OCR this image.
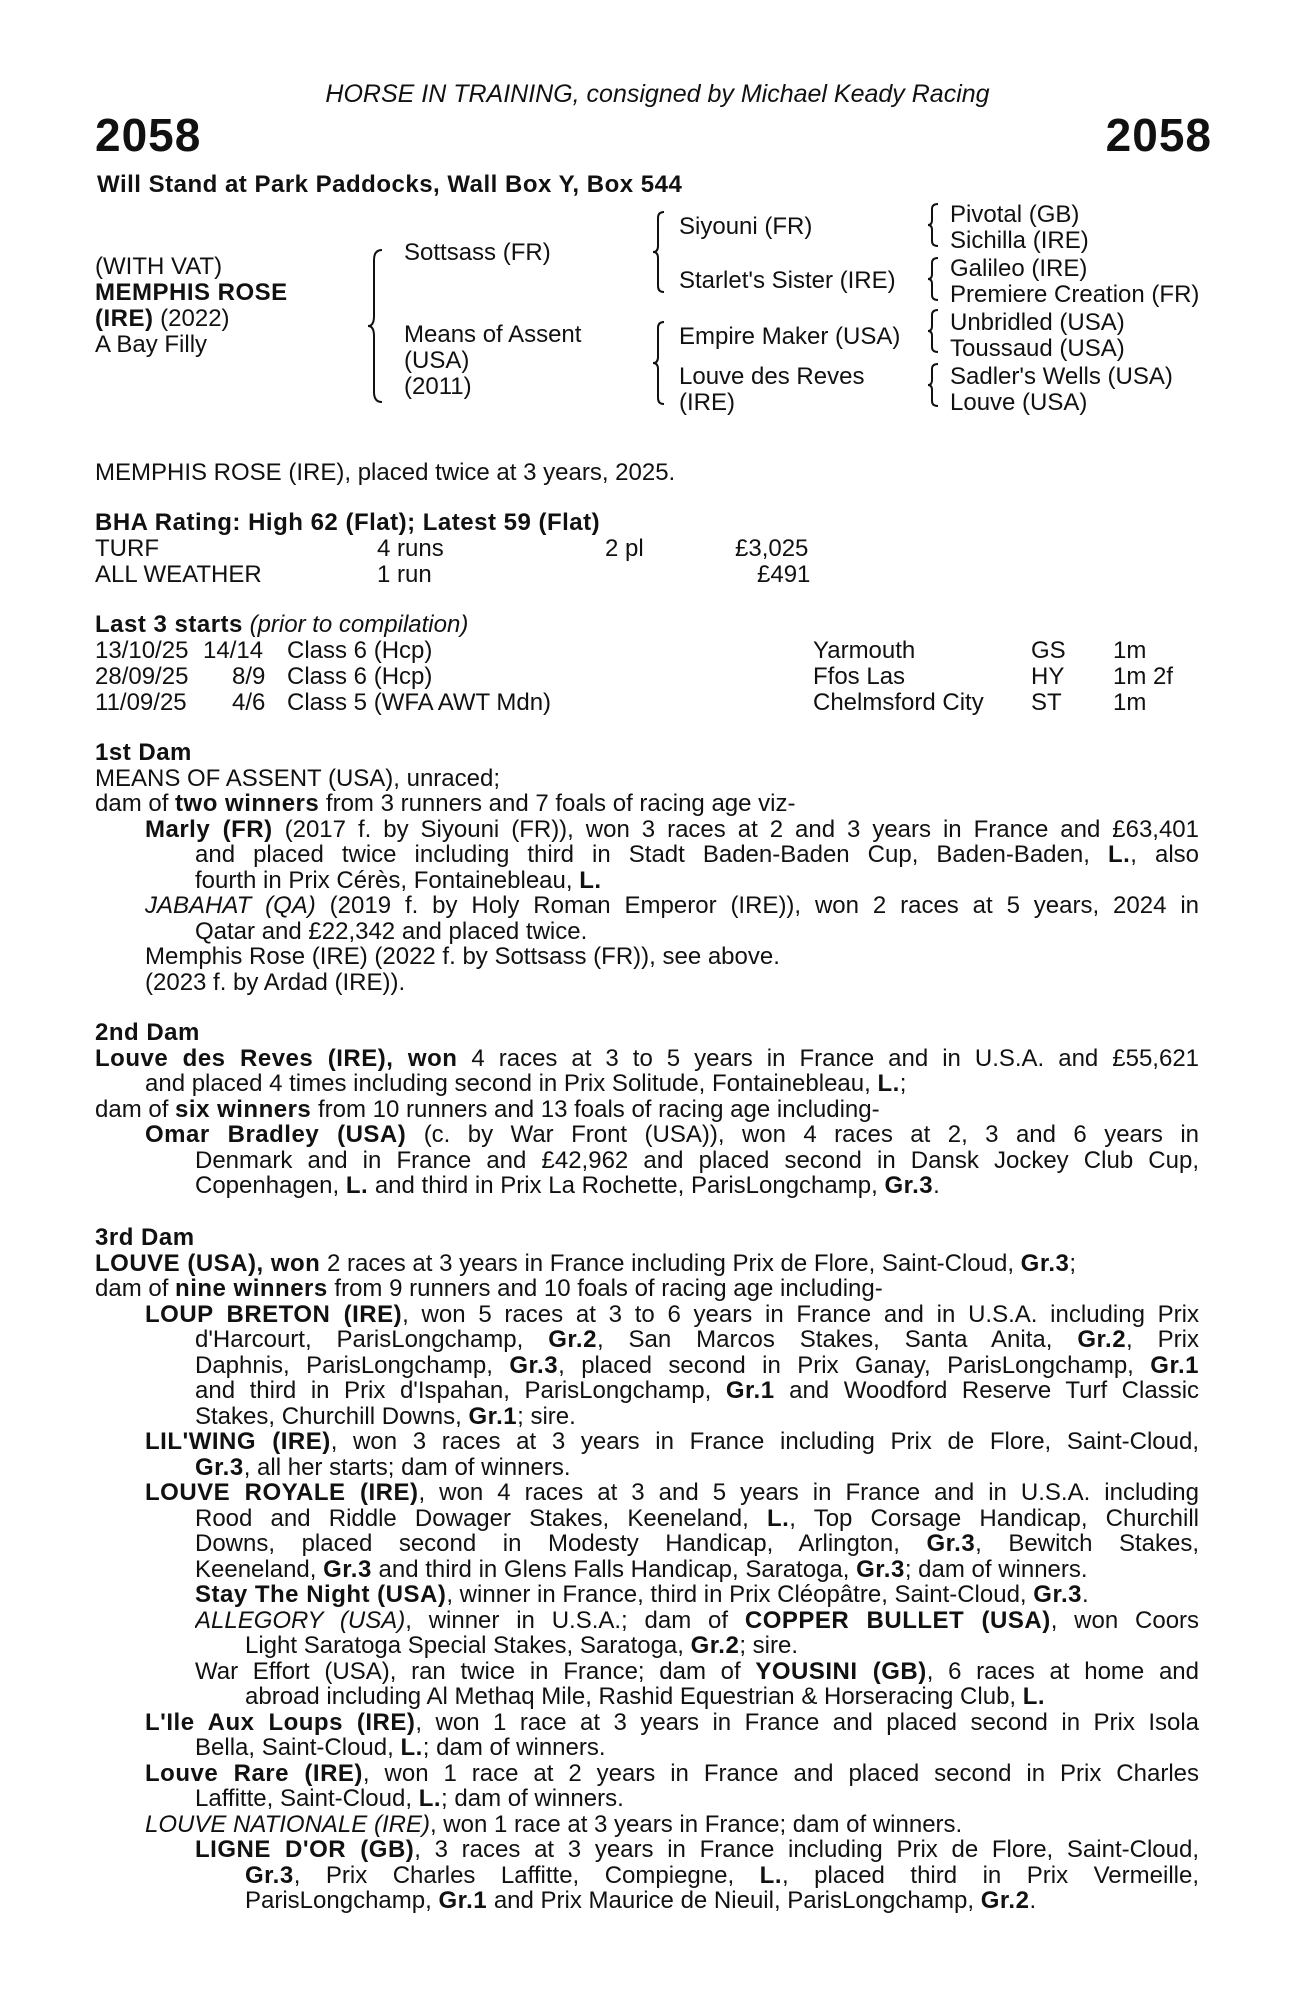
HORSE IN TRAINING, consigned by Michael Keady Racing
2058	2058
Will Stand at Park Paddocks, Wall Box Y, Box 544
(WITH VAT)
MEMPHIS ROSE
(IRE) (2022)
A Bay Filly
Sottsass (FR)
Means of Assent
(USA)
(2011)
Siyouni (FR)
Starlet's Sister (IRE)
Empire Maker (USA)
Louve des Reves
(IRE)
Pivotal (GB)
Sichilla (IRE)
Galileo (IRE)
Premiere Creation (FR)
Unbridled (USA)
Toussaud (USA)
Sadler's Wells (USA)
Louve (USA)
MEMPHIS ROSE (IRE), placed twice at 3 years, 2025.
BHA Rating: High 62 (Flat); Latest 59 (Flat)
TURF	4 runs	2 pl	£3,025
ALL WEATHER	1 run	£491
Last 3 starts (prior to compilation)
13/10/25 14/14 Class 6 (Hcp)	Yarmouth	GS 1m
28/09/25 8/9 Class 6 (Hcp)	Ffos Las	HY 1m 2f
11/09/25 4/6 Class 5 (WFA AWT Mdn)	Chelmsford City ST 1m
1st Dam
MEANS OF ASSENT (USA), unraced;
dam of two winners from 3 runners and 7 foals of racing age viz-
Marly (FR) (2017 f. by Siyouni (FR)), won 3 races at 2 and 3 years in France and £63,401
and placed twice including third in Stadt Baden-Baden Cup, Baden-Baden, L., also
fourth in Prix Cérès, Fontainebleau, L.
JABAHAT (QA) (2019 f. by Holy Roman Emperor (IRE)), won 2 races at 5 years, 2024 in
Qatar and £22,342 and placed twice.
Memphis Rose (IRE) (2022 f. by Sottsass (FR)), see above.
(2023 f. by Ardad (IRE)).
2nd Dam
Louve des Reves (IRE), won 4 races at 3 to 5 years in France and in U.S.A. and £55,621
and placed 4 times including second in Prix Solitude, Fontainebleau, L.;
dam of six winners from 10 runners and 13 foals of racing age including-
Omar Bradley (USA) (c. by War Front (USA)), won 4 races at 2, 3 and 6 years in
Denmark and in France and £42,962 and placed second in Dansk Jockey Club Cup,
Copenhagen, L. and third in Prix La Rochette, ParisLongchamp, Gr.3.
3rd Dam
LOUVE (USA), won 2 races at 3 years in France including Prix de Flore, Saint-Cloud, Gr.3;
dam of nine winners from 9 runners and 10 foals of racing age including-
LOUP BRETON (IRE), won 5 races at 3 to 6 years in France and in U.S.A. including Prix
d'Harcourt, ParisLongchamp, Gr.2, San Marcos Stakes, Santa Anita, Gr.2, Prix
Daphnis, ParisLongchamp, Gr.3, placed second in Prix Ganay, ParisLongchamp, Gr.1
and third in Prix d'Ispahan, ParisLongchamp, Gr.1 and Woodford Reserve Turf Classic
Stakes, Churchill Downs, Gr.1; sire.
LIL'WING (IRE), won 3 races at 3 years in France including Prix de Flore, Saint-Cloud,
Gr.3, all her starts; dam of winners.
LOUVE ROYALE (IRE), won 4 races at 3 and 5 years in France and in U.S.A. including
Rood and Riddle Dowager Stakes, Keeneland, L., Top Corsage Handicap, Churchill
Downs, placed second in Modesty Handicap, Arlington, Gr.3, Bewitch Stakes,
Keeneland, Gr.3 and third in Glens Falls Handicap, Saratoga, Gr.3; dam of winners.
Stay The Night (USA), winner in France, third in Prix Cléopâtre, Saint-Cloud, Gr.3.
ALLEGORY (USA), winner in U.S.A.; dam of COPPER BULLET (USA), won Coors
Light Saratoga Special Stakes, Saratoga, Gr.2; sire.
War Effort (USA), ran twice in France; dam of YOUSINI (GB), 6 races at home and
abroad including Al Methaq Mile, Rashid Equestrian & Horseracing Club, L.
L'Ile Aux Loups (IRE), won 1 race at 3 years in France and placed second in Prix Isola
Bella, Saint-Cloud, L.; dam of winners.
Louve Rare (IRE), won 1 race at 2 years in France and placed second in Prix Charles
Laffitte, Saint-Cloud, L.; dam of winners.
LOUVE NATIONALE (IRE), won 1 race at 3 years in France; dam of winners.
LIGNE D'OR (GB), 3 races at 3 years in France including Prix de Flore, Saint-Cloud,
Gr.3, Prix Charles Laffitte, Compiegne, L., placed third in Prix Vermeille,
ParisLongchamp, Gr.1 and Prix Maurice de Nieuil, ParisLongchamp, Gr.2.
